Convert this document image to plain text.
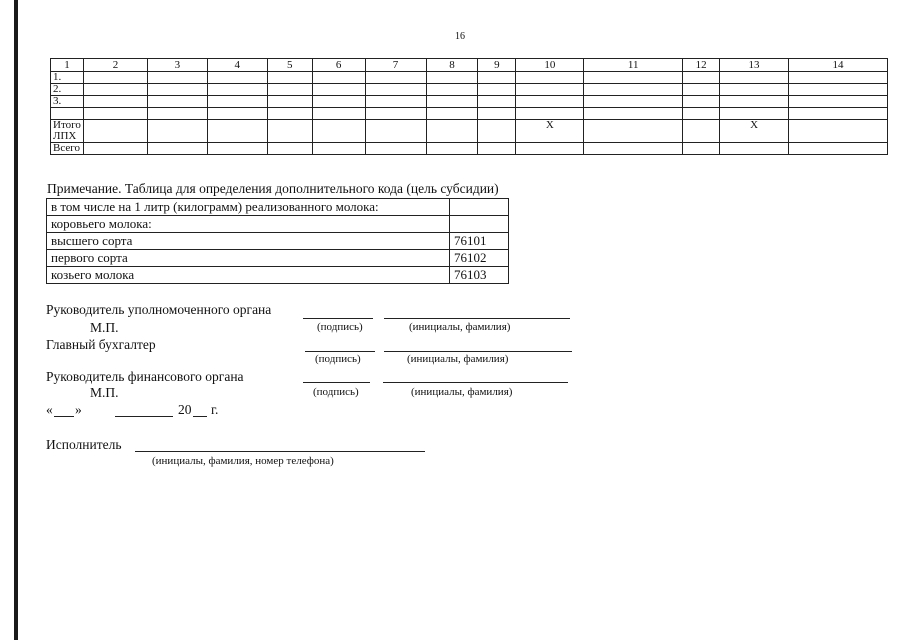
16
1	2	3	4	5	6	7	8	9	10	11	12	13	14
1.													
2.													
3.													

Итого ЛПХ									X			X	
Всего													
Примечание. Таблица для определения дополнительного кода (цель субсидии)
в том числе на 1 литр (килограмм) реализованного молока:	
коровьего молока:	
высшего сорта	76101
первого сорта	76102
козьего молока	76103
Руководитель уполномоченного органа
М.П.	(подпись)	(инициалы, фамилия)
Главный бухгалтер
(подпись)	(инициалы, фамилия)
Руководитель финансового органа
М.П.	(подпись)	(инициалы, фамилия)
« »	20 г.
Исполнитель
(инициалы, фамилия, номер телефона)
